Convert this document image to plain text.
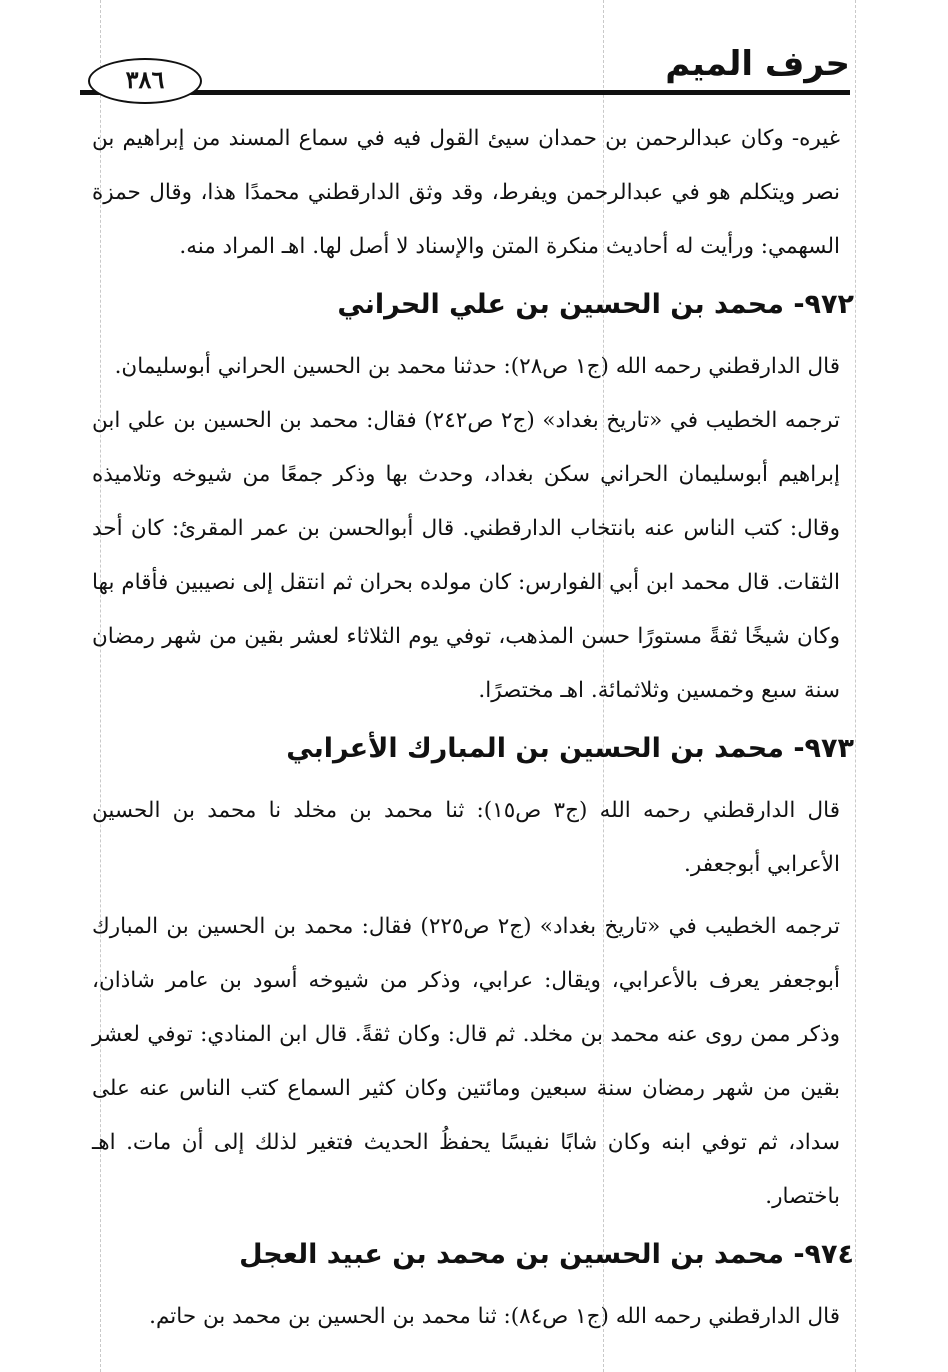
حرف الميم
٣٨٦

غيره- وكان عبدالرحمن بن حمدان سيئ القول فيه في سماع المسند من إبراهيم بن نصر ويتكلم هو في عبدالرحمن ويفرط، وقد وثق الدارقطني محمدًا هذا، وقال حمزة السهمي: ورأيت له أحاديث منكرة المتن والإسناد لا أصل لها. اهـ المراد منه.

٩٧٢- محمد بن الحسين بن علي الحراني

قال الدارقطني رحمه الله (ج١ ص٢٨): حدثنا محمد بن الحسين الحراني أبوسليمان.

ترجمه الخطيب في «تاريخ بغداد» (ج٢ ص٢٤٢) فقال: محمد بن الحسين بن علي ابن إبراهيم أبوسليمان الحراني سكن بغداد، وحدث بها وذكر جمعًا من شيوخه وتلاميذه وقال: كتب الناس عنه بانتخاب الدارقطني. قال أبوالحسن بن عمر المقرئ: كان أحد الثقات. قال محمد ابن أبي الفوارس: كان مولده بحران ثم انتقل إلى نصيبين فأقام بها وكان شيخًا ثقةً مستورًا حسن المذهب، توفي يوم الثلاثاء لعشر بقين من شهر رمضان سنة سبع وخمسين وثلاثمائة. اهـ مختصرًا.

٩٧٣- محمد بن الحسين بن المبارك الأعرابي

قال الدارقطني رحمه الله (ج٣ ص١٥): ثنا محمد بن مخلد نا محمد بن الحسين الأعرابي أبوجعفر.

ترجمه الخطيب في «تاريخ بغداد» (ج٢ ص٢٢٥) فقال: محمد بن الحسين بن المبارك أبوجعفر يعرف بالأعرابي، ويقال: عرابي، وذكر من شيوخه أسود بن عامر شاذان، وذكر ممن روى عنه محمد بن مخلد. ثم قال: وكان ثقةً. قال ابن المنادي: توفي لعشر بقين من شهر رمضان سنة سبعين ومائتين وكان كثير السماع كتب الناس عنه على سداد، ثم توفي ابنه وكان شابًا نفيسًا يحفظُ الحديث فتغير لذلك إلى أن مات. اهـ باختصار.

٩٧٤- محمد بن الحسين بن محمد بن عبيد العجل

قال الدارقطني رحمه الله (ج١ ص٨٤): ثنا محمد بن الحسين بن محمد بن حاتم.
